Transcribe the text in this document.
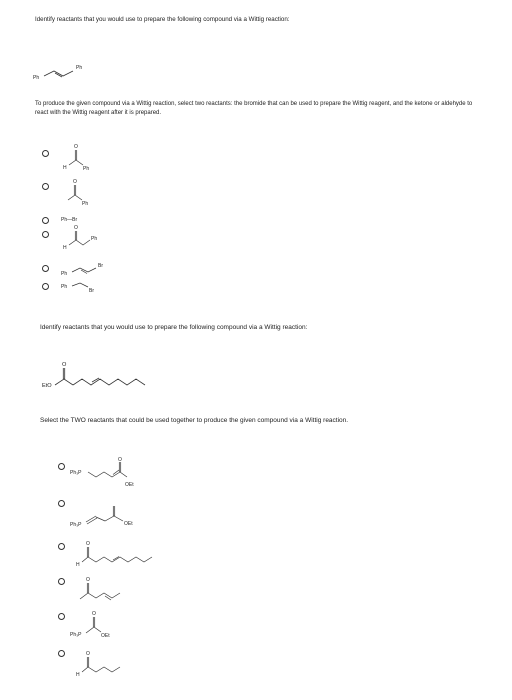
Identify reactants that you would use to prepare the following compound via a Wittig reaction:

Ph
Ph

To produce the given compound via a Wittig reaction, select two reactants: the bromide that can be used to prepare the Wittig reagent, and the ketone or aldehyde to react with the Wittig reagent after it is prepared.

H
O
Ph
O
Ph
Ph—Br
H
O
Ph
Ph
Br
Ph
Br

Identify reactants that you would use to prepare the following compound via a Wittig reaction:

EtO
O

Select the TWO reactants that could be used together to produce the given compound via a Wittig reaction.

Ph₃P
O
OEt
Ph₃P	OEt
H
O
O
Ph₃P
O
OEt
H
O
